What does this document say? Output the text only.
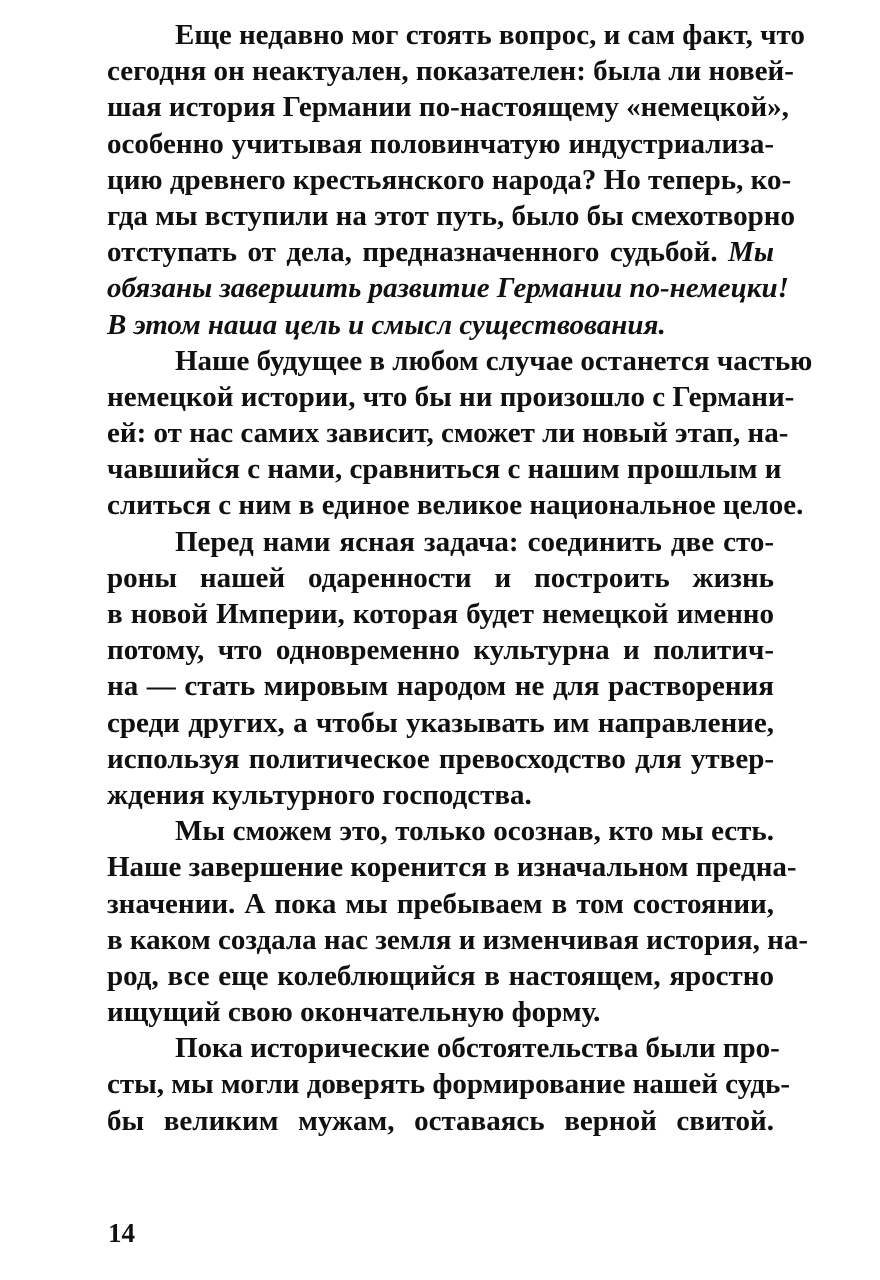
Еще недавно мог стоять вопрос, и сам факт, что
сегодня он неактуален, показателен: была ли новей-
шая история Германии по-настоящему «немецкой»,
особенно учитывая половинчатую индустриализа-
цию древнего крестьянского народа? Но теперь, ко-
гда мы вступили на этот путь, было бы смехотворно
отступать от дела, предназначенного судьбой. Мы
обязаны завершить развитие Германии по-немецки!
В этом наша цель и смысл существования.
Наше будущее в любом случае останется частью
немецкой истории, что бы ни произошло с Германи-
ей: от нас самих зависит, сможет ли новый этап, на-
чавшийся с нами, сравниться с нашим прошлым и
слиться с ним в единое великое национальное целое.
Перед нами ясная задача: соединить две сто-
роны нашей одаренности и построить жизнь
в новой Империи, которая будет немецкой именно
потому, что одновременно культурна и политич-
на — стать мировым народом не для растворения
среди других, а чтобы указывать им направление,
используя политическое превосходство для утвер-
ждения культурного господства.
Мы сможем это, только осознав, кто мы есть.
Наше завершение коренится в изначальном предна-
значении. А пока мы пребываем в том состоянии,
в каком создала нас земля и изменчивая история, на-
род, все еще колеблющийся в настоящем, яростно
ищущий свою окончательную форму.
Пока исторические обстоятельства были про-
сты, мы могли доверять формирование нашей судь-
бы великим мужам, оставаясь верной свитой.
14
